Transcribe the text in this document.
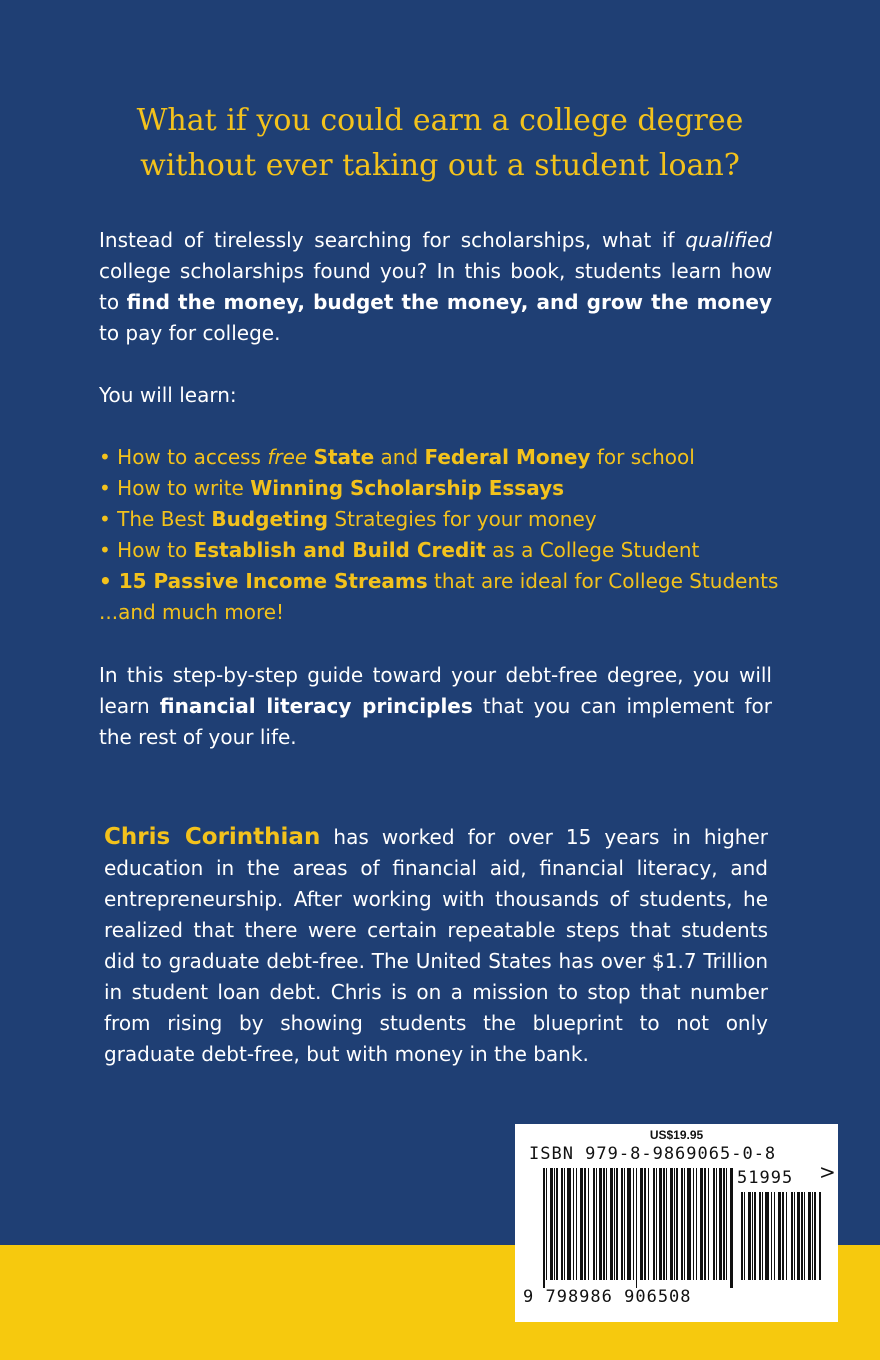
What if you could earn a college degree
without ever taking out a student loan?

Instead of tirelessly searching for scholarships, what if qualified college scholarships found you? In this book, students learn how to find the money, budget the money, and grow the money to pay for college.

You will learn:

• How to access free State and Federal Money for school
• How to write Winning Scholarship Essays
• The Best Budgeting Strategies for your money
• How to Establish and Build Credit as a College Student
• 15 Passive Income Streams that are ideal for College Students
...and much more!

In this step-by-step guide toward your debt-free degree, you will learn financial literacy principles that you can implement for the rest of your life.

Chris Corinthian has worked for over 15 years in higher education in the areas of financial aid, financial literacy, and entrepreneurship. After working with thousands of students, he realized that there were certain repeatable steps that students did to graduate debt-free. The United States has over $1.7 Trillion in student loan debt. Chris is on a mission to stop that number from rising by showing students the blueprint to not only graduate debt-free, but with money in the bank.

US$19.95
ISBN 979-8-9869065-0-8
51995 >
9 798986 906508
